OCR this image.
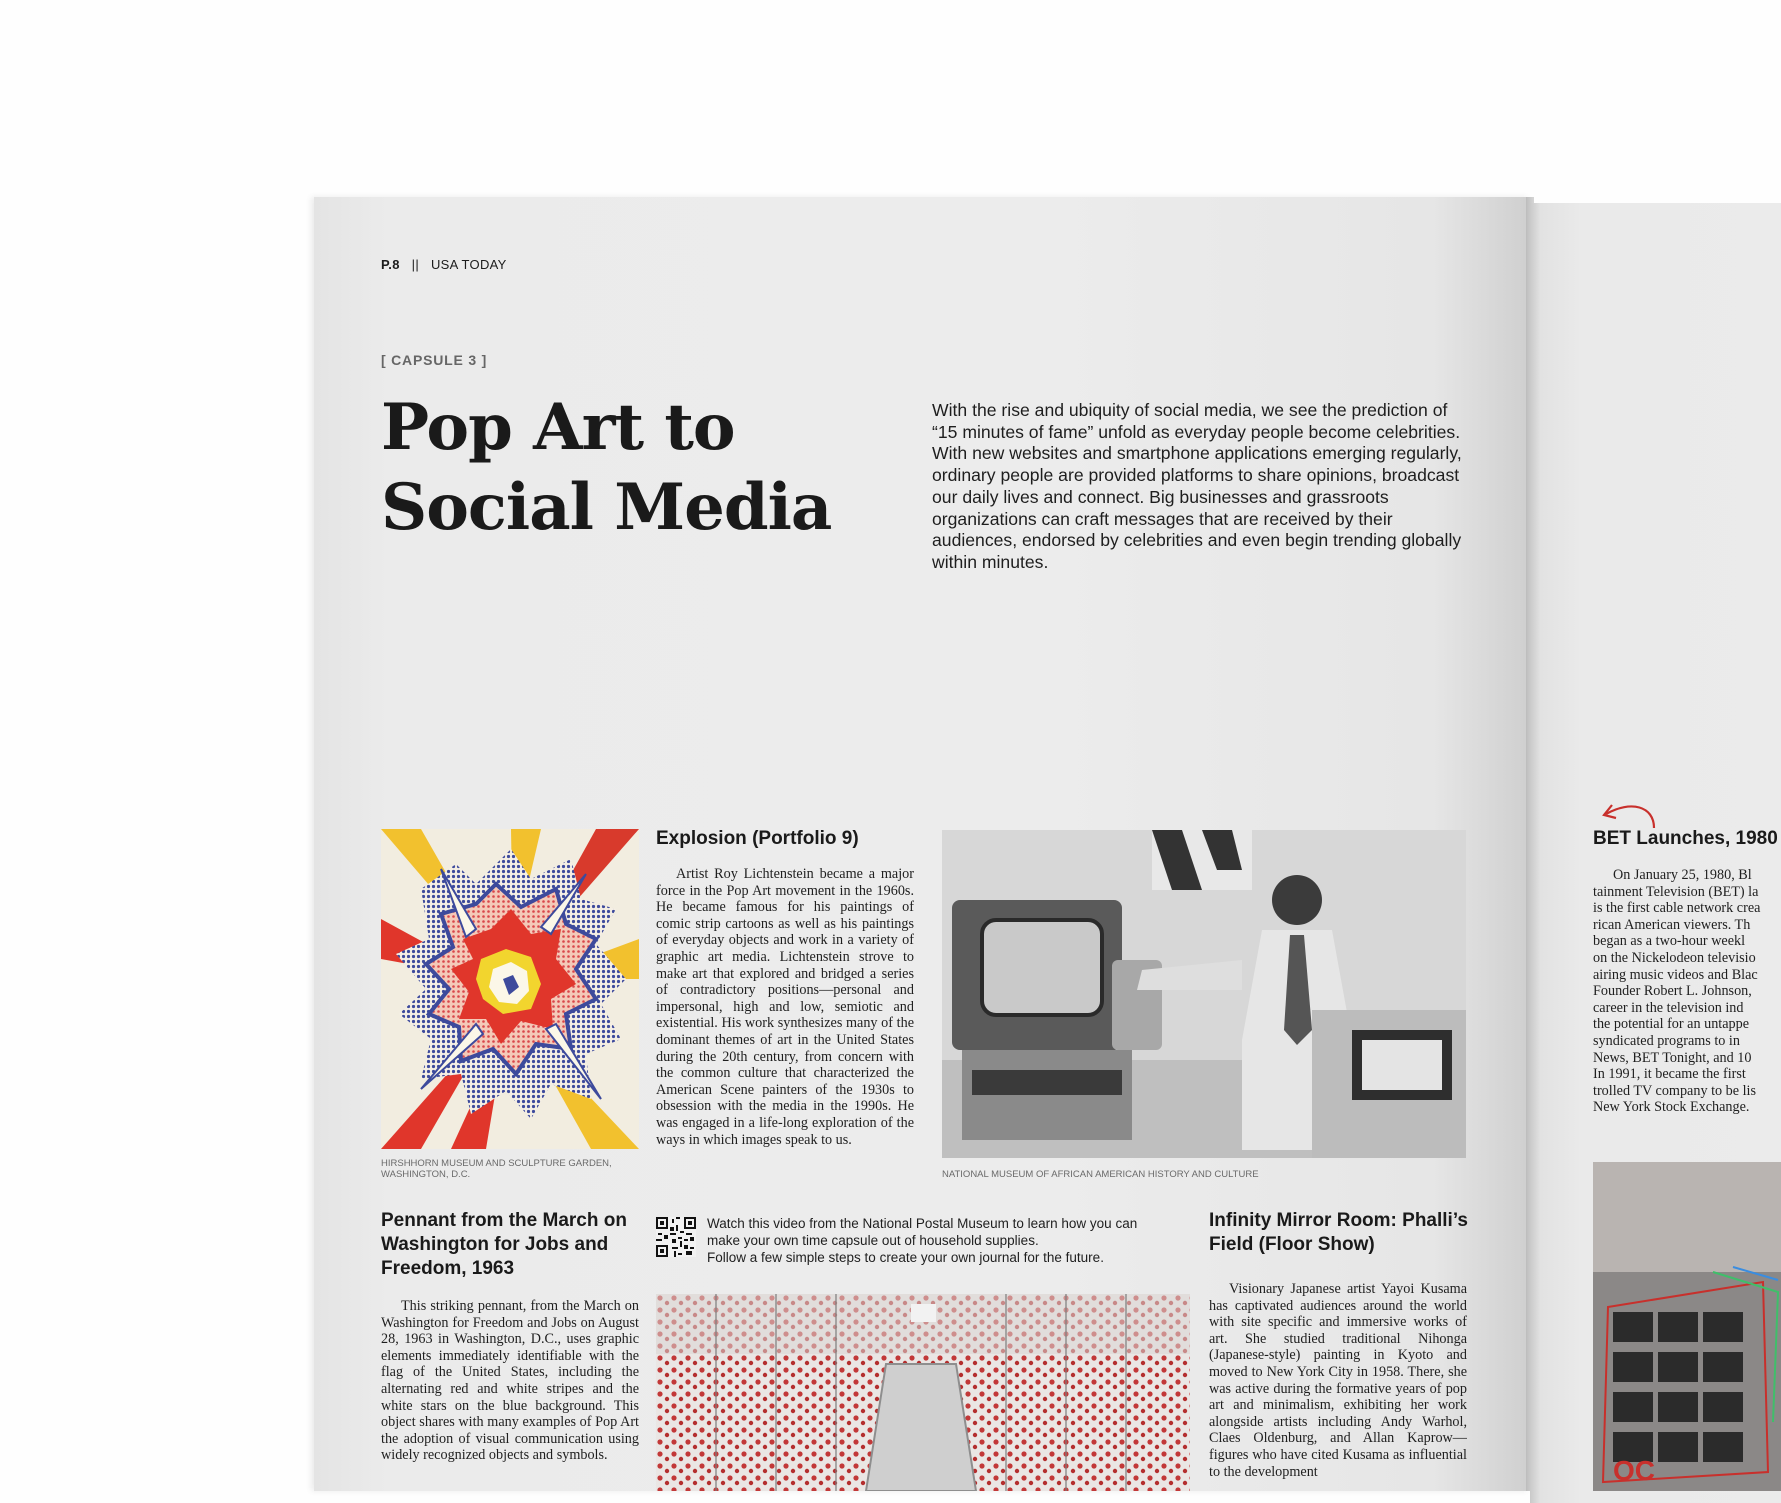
P.8 || USA TODAY
[ CAPSULE 3 ]
Pop Art to
Social Media
With the rise and ubiquity of social media, we see the prediction of “15 minutes of fame” unfold as everyday people become celebrities. With new websites and smartphone applications emerging regularly, ordinary people are provided platforms to share opinions, broadcast our daily lives and connect. Big businesses and grassroots organizations can craft messages that are received by their audiences, endorsed by celebrities and even begin trending globally within minutes.
HIRSHHORN MUSEUM AND SCULPTURE GARDEN, WASHINGTON, D.C.
Explosion (Portfolio 9)
Artist Roy Lichtenstein became a major force in the Pop Art movement in the 1960s. He became famous for his paintings of comic strip cartoons as well as his paintings of everyday objects and work in a variety of graphic art media. Lichtenstein strove to make art that explored and bridged a series of contradictory positions—personal and impersonal, high and low, semiotic and existential. His work synthesizes many of the dominant themes of art in the United States during the 20th century, from concern with the common culture that characterized the American Scene painters of the 1930s to obsession with the media in the 1990s. He was engaged in a life-long exploration of the ways in which images speak to us.
NATIONAL MUSEUM OF AFRICAN AMERICAN HISTORY AND CULTURE
Pennant from the March on Washington for Jobs and Freedom, 1963
This striking pennant, from the March on Washington for Freedom and Jobs on August 28, 1963 in Washington, D.C., uses graphic elements immediately identifiable with the flag of the United States, including the alternating red and white stripes and the white stars on the blue background. This object shares with many examples of Pop Art the adoption of visual communication using widely recognized objects and symbols.
Watch this video from the National Postal Museum to learn how you can
make your own time capsule out of household supplies.
Follow a few simple steps to create your own journal for the future.
Infinity Mirror Room: Phalli’s Field (Floor Show)
Visionary Japanese artist Yayoi Kusama has captivated audiences around the world with site specific and immersive works of art. She studied traditional Nihonga (Japanese-style) painting in Kyoto and moved to New York City in 1958. There, she was active during the formative years of pop art and minimalism, exhibiting her work alongside artists including Andy Warhol, Claes Oldenburg, and Allan Kaprow—figures who have cited Kusama as influential to the development
BET Launches, 1980
On January 25, 1980, Bl
tainment Television (BET) la
is the first cable network crea
rican American viewers. Th
began as a two-hour weekl
on the Nickelodeon televisio
airing music videos and Blac
Founder Robert L. Johnson,
career in the television ind
the potential for an untappe
syndicated programs to in
News, BET Tonight, and 10
In 1991, it became the first
trolled TV company to be lis
New York Stock Exchange.
OC
